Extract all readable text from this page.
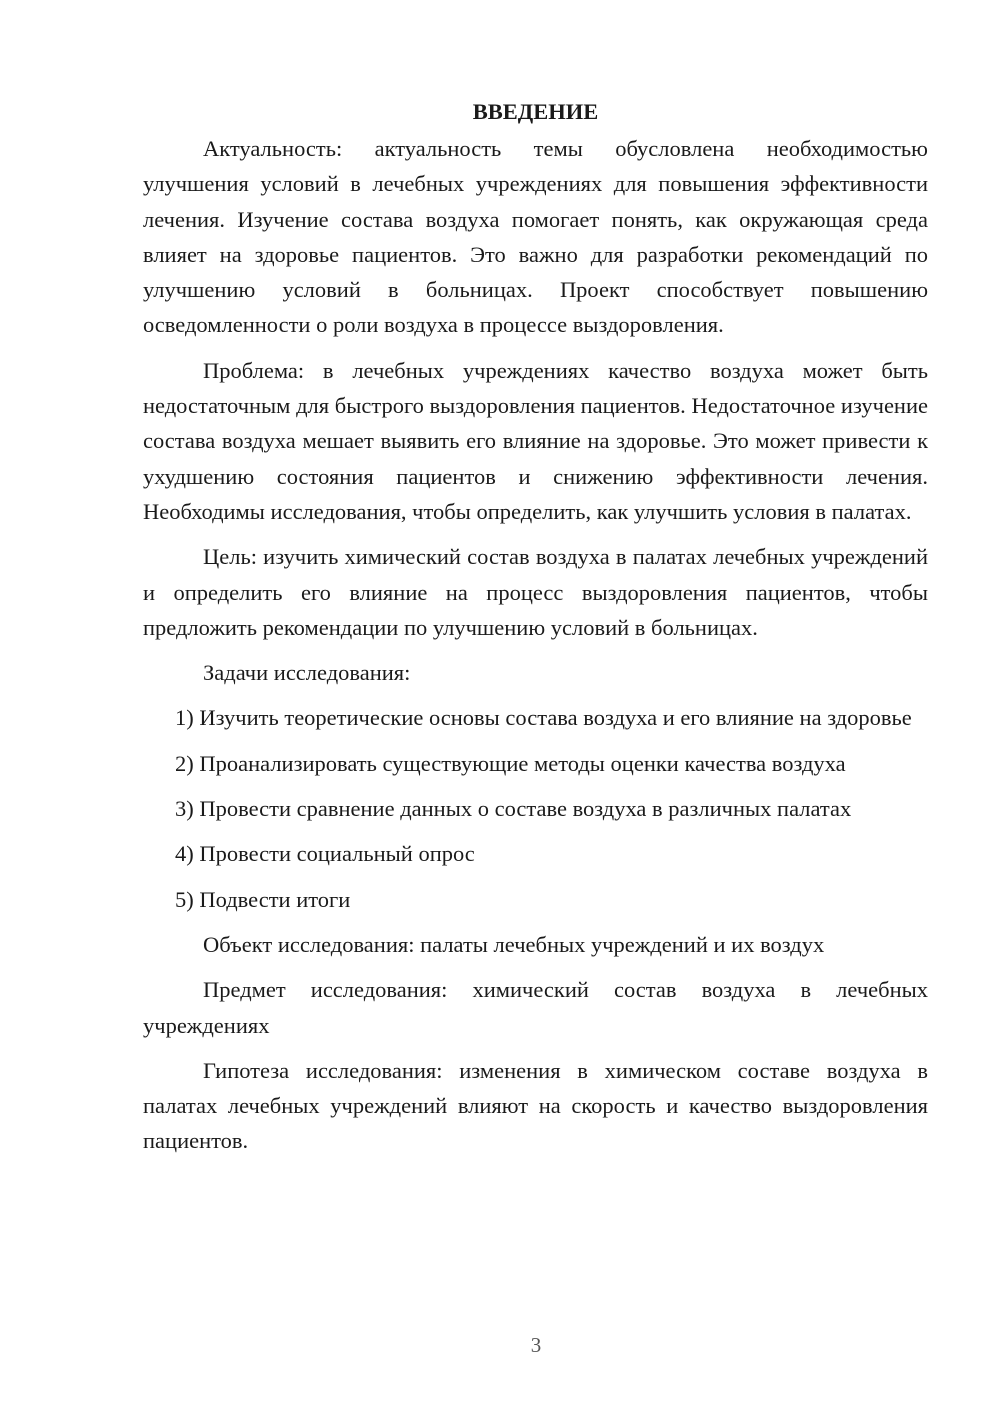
ВВЕДЕНИЕ

Актуальность: актуальность темы обусловлена необходимостью улучшения условий в лечебных учреждениях для повышения эффективности лечения. Изучение состава воздуха помогает понять, как окружающая среда влияет на здоровье пациентов. Это важно для разработки рекомендаций по улучшению условий в больницах. Проект способствует повышению осведомленности о роли воздуха в процессе выздоровления.

Проблема: в лечебных учреждениях качество воздуха может быть недостаточным для быстрого выздоровления пациентов. Недостаточное изучение состава воздуха мешает выявить его влияние на здоровье. Это может привести к ухудшению состояния пациентов и снижению эффективности лечения. Необходимы исследования, чтобы определить, как улучшить условия в палатах.

Цель: изучить химический состав воздуха в палатах лечебных учреждений и определить его влияние на процесс выздоровления пациентов, чтобы предложить рекомендации по улучшению условий в больницах.

Задачи исследования:

1) Изучить теоретические основы состава воздуха и его влияние на здоровье

2) Проанализировать существующие методы оценки качества воздуха

3) Провести сравнение данных о составе воздуха в различных палатах

4) Провести социальный опрос

5) Подвести итоги

Объект исследования: палаты лечебных учреждений и их воздух

Предмет исследования: химический состав воздуха в лечебных учреждениях

Гипотеза исследования: изменения в химическом составе воздуха в палатах лечебных учреждений влияют на скорость и качество выздоровления пациентов.

3
